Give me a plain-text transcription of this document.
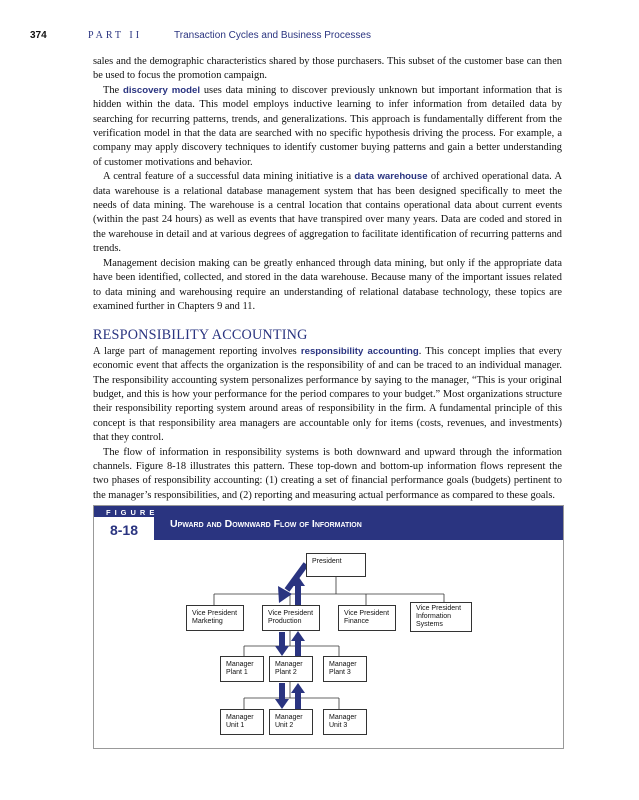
374	PART II	Transaction Cycles and Business Processes

sales and the demographic characteristics shared by those purchasers. This subset of the customer base can then be used to focus the promotion campaign.

The discovery model uses data mining to discover previously unknown but important information that is hidden within the data. This model employs inductive learning to infer information from detailed data by searching for recurring patterns, trends, and generalizations. This approach is fundamentally different from the verification model in that the data are searched with no specific hypothesis driving the process. For example, a company may apply discovery techniques to identify customer buying patterns and gain a better understanding of customer motivations and behavior.

A central feature of a successful data mining initiative is a data warehouse of archived operational data. A data warehouse is a relational database management system that has been designed specifically to meet the needs of data mining. The warehouse is a central location that contains operational data about current events (within the past 24 hours) as well as events that have transpired over many years. Data are coded and stored in the warehouse in detail and at various degrees of aggregation to facilitate identification of recurring patterns and trends.

Management decision making can be greatly enhanced through data mining, but only if the appropriate data have been identified, collected, and stored in the data warehouse. Because many of the important issues related to data mining and warehousing require an understanding of relational database technology, these topics are examined further in Chapters 9 and 11.

RESPONSIBILITY ACCOUNTING

A large part of management reporting involves responsibility accounting. This concept implies that every economic event that affects the organization is the responsibility of and can be traced to an individual manager. The responsibility accounting system personalizes performance by saying to the manager, “This is your original budget, and this is how your performance for the period compares to your budget.” Most organizations structure their responsibility reporting system around areas of responsibility in the firm. A fundamental principle of this concept is that responsibility area managers are accountable only for items (costs, revenues, and investments) that they control.

The flow of information in responsibility systems is both downward and upward through the information channels. Figure 8-18 illustrates this pattern. These top-down and bottom-up information flows represent the two phases of responsibility accounting: (1) creating a set of financial performance goals (budgets) pertinent to the manager’s responsibilities, and (2) reporting and measuring actual performance as compared to these goals.

FIGURE
Upward and Downward Flow of Information
8-18
President
Vice President
Marketing
Vice President
Production
Vice President
Finance
Vice President
Information
Systems
Manager
Plant 1
Manager
Plant 2
Manager
Plant 3
Manager
Unit 1
Manager
Unit 2
Manager
Unit 3
